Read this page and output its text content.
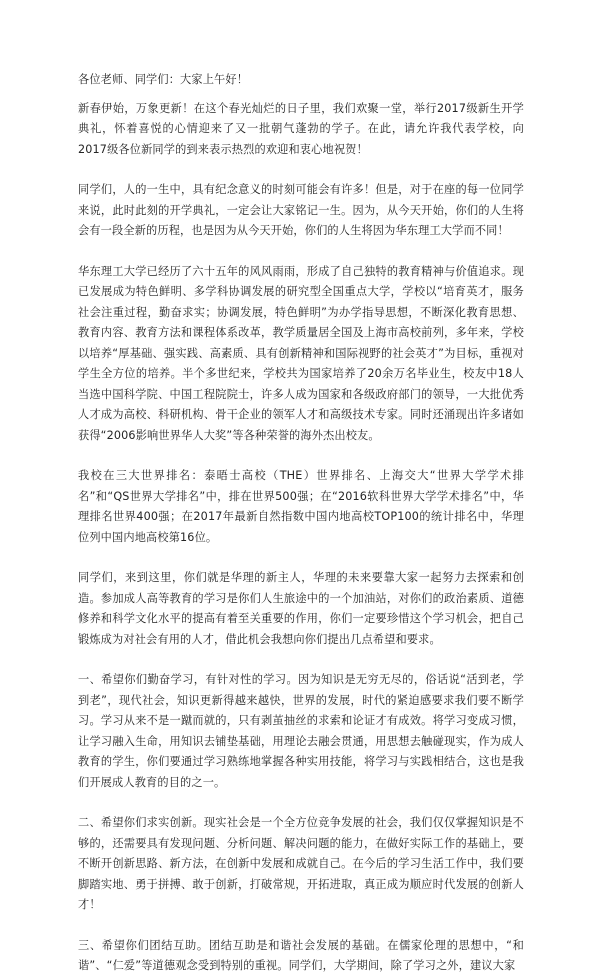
各位老师、同学们：大家上午好！

新春伊始，万象更新！在这个春光灿烂的日子里，我们欢聚一堂，举行2017级新生开学典礼，怀着喜悦的心情迎来了又一批朝气蓬勃的学子。在此，请允许我代表学校，向2017级各位新同学的到来表示热烈的欢迎和衷心地祝贺！

同学们，人的一生中，具有纪念意义的时刻可能会有许多！但是，对于在座的每一位同学来说，此时此刻的开学典礼，一定会让大家铭记一生。因为，从今天开始，你们的人生将会有一段全新的历程，也是因为从今天开始，你们的人生将因为华东理工大学而不同！

华东理工大学已经历了六十五年的风风雨雨，形成了自己独特的教育精神与价值追求。现已发展成为特色鲜明、多学科协调发展的研究型全国重点大学，学校以“培育英才，服务社会注重过程，勤奋求实；协调发展，特色鲜明”为办学指导思想，不断深化教育思想、教育内容、教育方法和课程体系改革，教学质量居全国及上海市高校前列，多年来，学校以培养“厚基础、强实践、高素质、具有创新精神和国际视野的社会英才”为目标，重视对学生全方位的培养。半个多世纪来，学校共为国家培养了20余万名毕业生，校友中18人当选中国科学院、中国工程院院士，许多人成为国家和各级政府部门的领导，一大批优秀人才成为高校、科研机构、骨干企业的领军人才和高级技术专家。同时还涌现出许多诸如获得“2006影响世界华人大奖”等各种荣誉的海外杰出校友。

我校在三大世界排名：泰晤士高校（THE）世界排名、上海交大“世界大学学术排名”和“QS世界大学排名”中，排在世界500强；在“2016软科世界大学学术排名”中，华理排名世界400强；在2017年最新自然指数中国内地高校TOP100的统计排名中，华理位列中国内地高校第16位。

同学们，来到这里，你们就是华理的新主人，华理的未来要靠大家一起努力去探索和创造。参加成人高等教育的学习是你们人生旅途中的一个加油站，对你们的政治素质、道德修养和科学文化水平的提高有着至关重要的作用，你们一定要珍惜这个学习机会，把自己锻炼成为对社会有用的人才，借此机会我想向你们提出几点希望和要求。

一、希望你们勤奋学习，有针对性的学习。因为知识是无穷无尽的，俗话说“活到老，学到老”，现代社会，知识更新得越来越快，世界的发展，时代的紧迫感要求我们要不断学习。学习从来不是一蹴而就的，只有剥茧抽丝的求索和论证才有成效。将学习变成习惯，让学习融入生命，用知识去铺垫基础，用理论去融会贯通，用思想去触碰现实，作为成人教育的学生，你们要通过学习熟练地掌握各种实用技能，将学习与实践相结合，这也是我们开展成人教育的目的之一。

二、希望你们求实创新。现实社会是一个全方位竞争发展的社会，我们仅仅掌握知识是不够的，还需要具有发现问题、分析问题、解决问题的能力，在做好实际工作的基础上，要不断开创新思路、新方法，在创新中发展和成就自己。在今后的学习生活工作中，我们要脚踏实地、勇于拼搏、敢于创新，打破常规，开拓进取，真正成为顺应时代发展的创新人才！

三、希望你们团结互助。团结互助是和谐社会发展的基础。在儒家伦理的思想中，“和谐”、“仁爱”等道德观念受到特别的重视。同学们，大学期间，除了学习之外，建议大家
